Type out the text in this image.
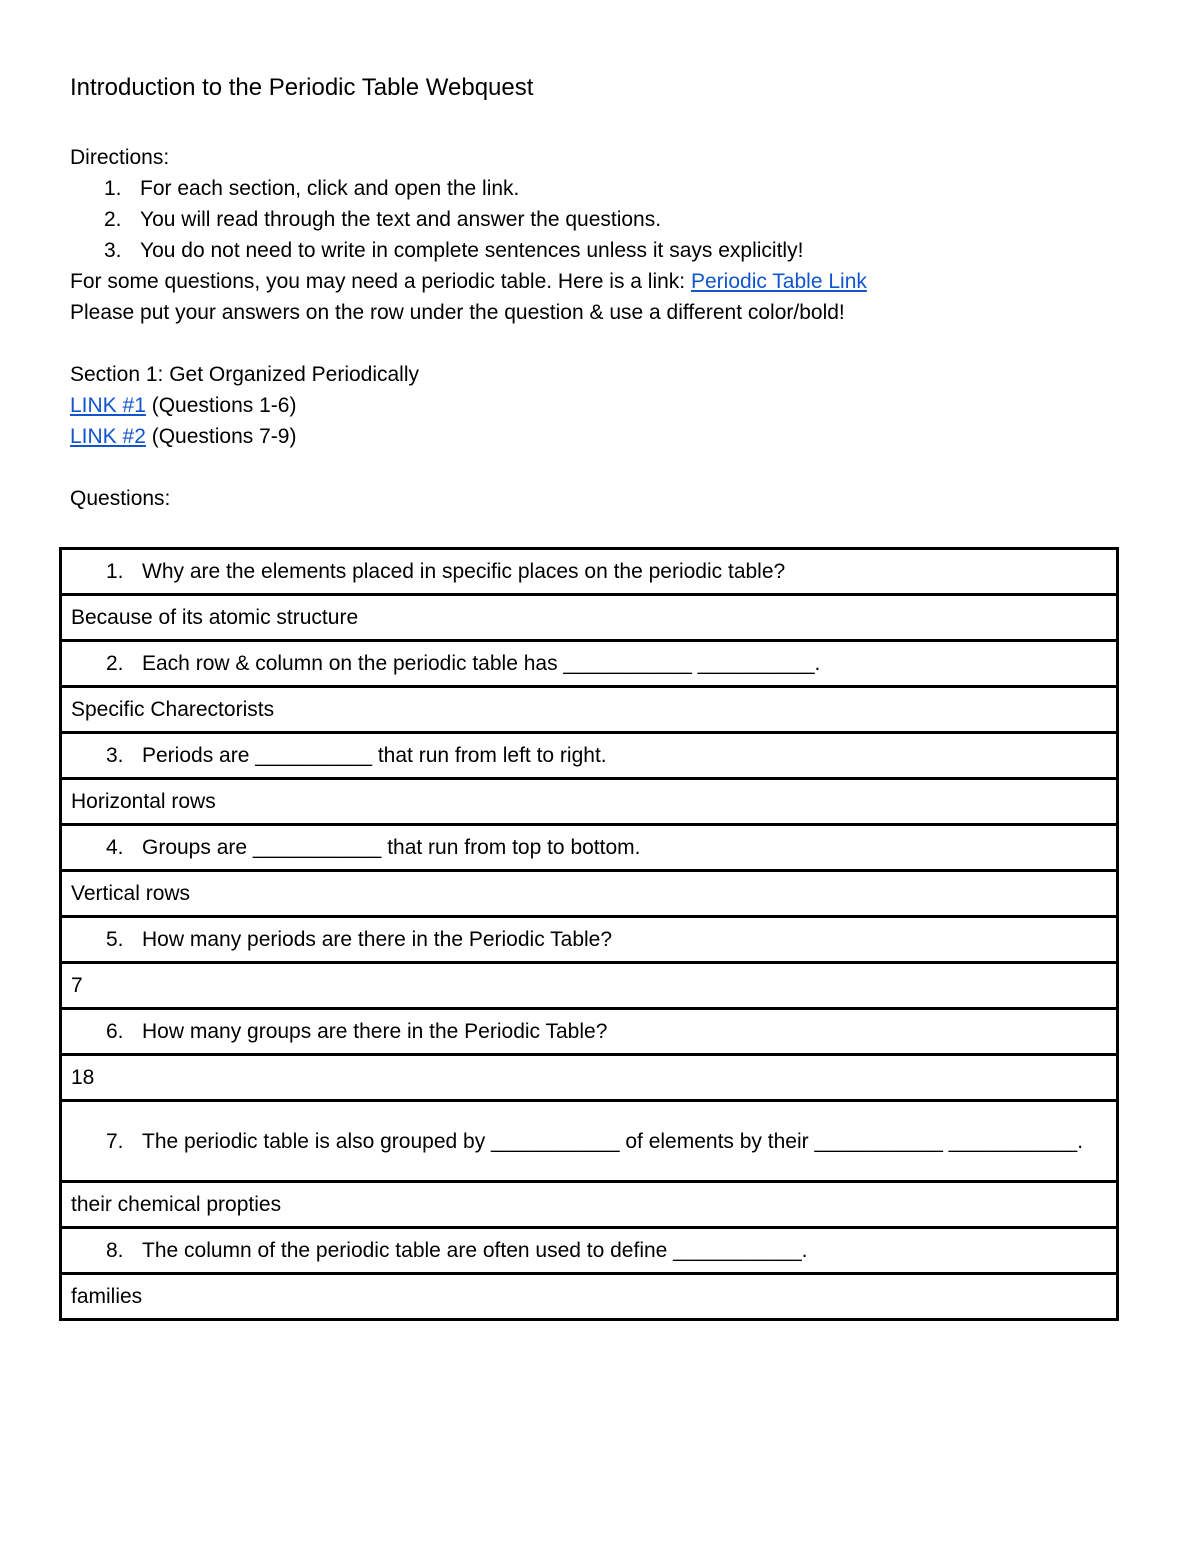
Introduction to the Periodic Table Webquest
Directions:
1. For each section, click and open the link.
2. You will read through the text and answer the questions.
3. You do not need to write in complete sentences unless it says explicitly!
For some questions, you may need a periodic table. Here is a link: Periodic Table Link
Please put your answers on the row under the question & use a different color/bold!
Section 1: Get Organized Periodically
LINK #1 (Questions 1-6)
LINK #2 (Questions 7-9)
Questions:
1. Why are the elements placed in specific places on the periodic table?

Because of its atomic structure

2. Each row & column on the periodic table has ___________ __________.

Specific Charectorists

3. Periods are __________ that run from left to right.

Horizontal rows

4. Groups are ___________ that run from top to bottom.

Vertical rows

5. How many periods are there in the Periodic Table?

7

6. How many groups are there in the Periodic Table?

18

7. The periodic table is also grouped by ___________ of elements by their ___________ ___________.

their chemical propties

8. The column of the periodic table are often used to define ___________.

families
